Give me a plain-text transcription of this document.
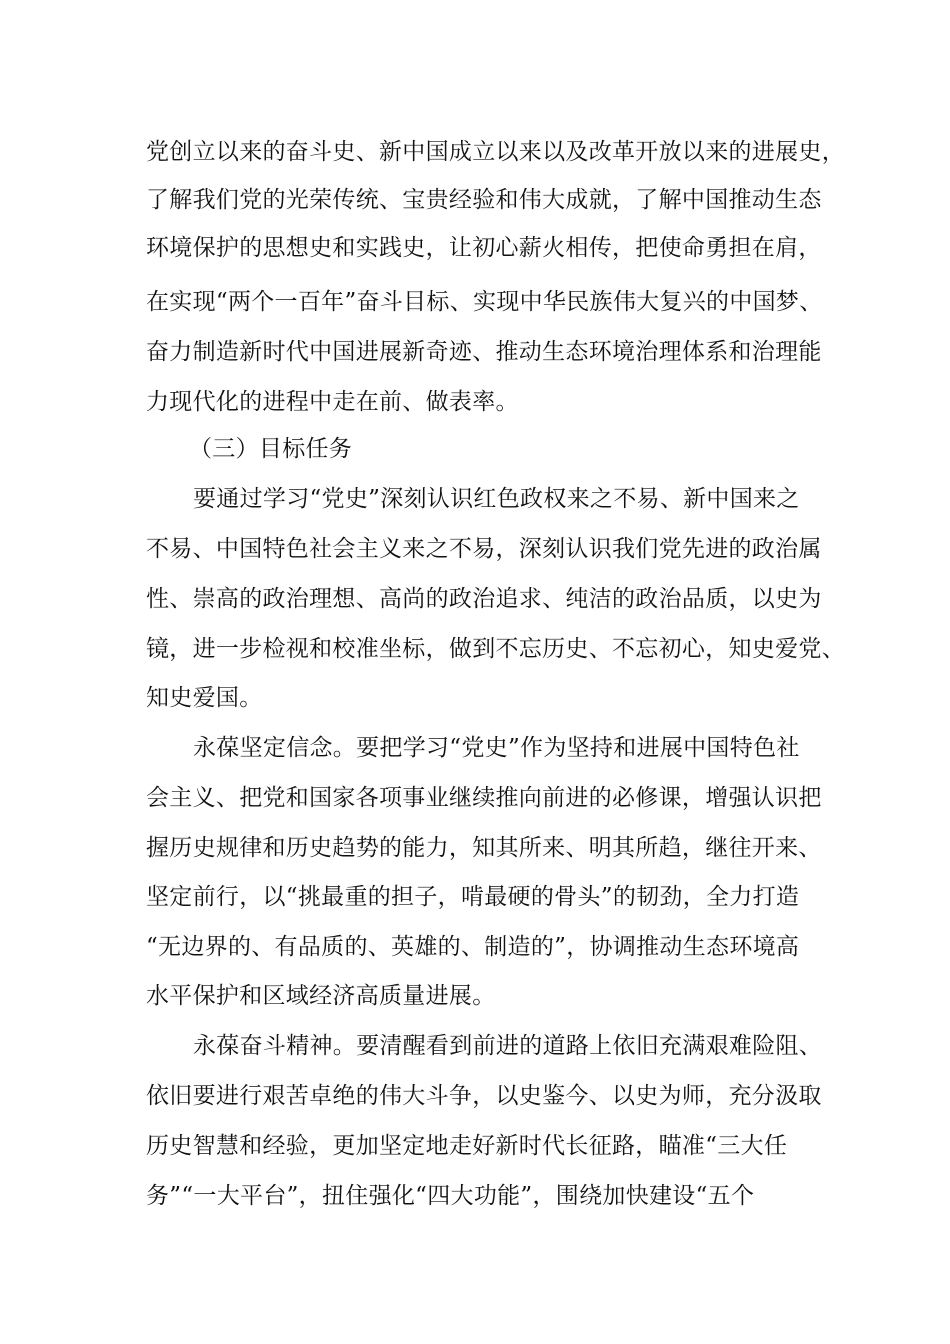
党创立以来的奋斗史、新中国成立以来以及改革开放以来的进展史，
了解我们党的光荣传统、宝贵经验和伟大成就，了解中国推动生态
环境保护的思想史和实践史，让初心薪火相传，把使命勇担在肩，
在实现“两个一百年”奋斗目标、实现中华民族伟大复兴的中国梦、
奋力制造新时代中国进展新奇迹、推动生态环境治理体系和治理能
力现代化的进程中走在前、做表率。
（三）目标任务
要通过学习“党史”深刻认识红色政权来之不易、新中国来之
不易、中国特色社会主义来之不易，深刻认识我们党先进的政治属
性、崇高的政治理想、高尚的政治追求、纯洁的政治品质，以史为
镜，进一步检视和校准坐标，做到不忘历史、不忘初心，知史爱党、
知史爱国。
永葆坚定信念。要把学习“党史”作为坚持和进展中国特色社
会主义、把党和国家各项事业继续推向前进的必修课，增强认识把
握历史规律和历史趋势的能力，知其所来、明其所趋，继往开来、
坚定前行，以“挑最重的担子，啃最硬的骨头”的韧劲，全力打造
“无边界的、有品质的、英雄的、制造的”，协调推动生态环境高
水平保护和区域经济高质量进展。
永葆奋斗精神。要清醒看到前进的道路上依旧充满艰难险阻、
依旧要进行艰苦卓绝的伟大斗争，以史鉴今、以史为师，充分汲取
历史智慧和经验，更加坚定地走好新时代长征路，瞄准“三大任
务”“一大平台”，扭住强化“四大功能”，围绕加快建设“五个
